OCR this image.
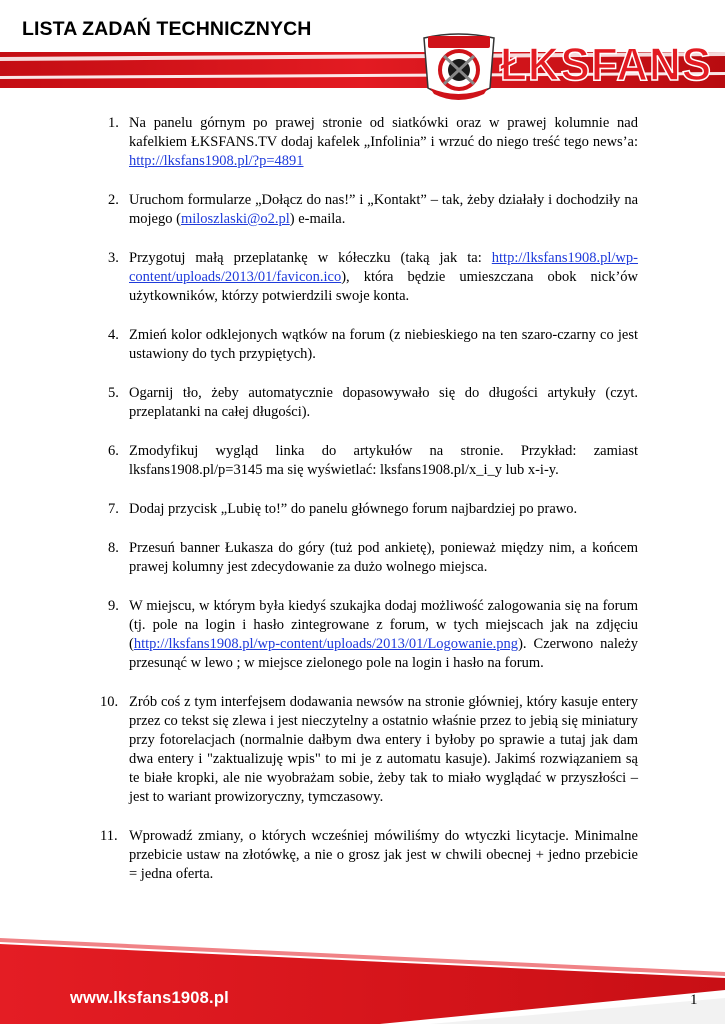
LISTA ZADAŃ TECHNICZNYCH
ŁKSFANS
1. Na panelu górnym po prawej stronie od siatkówki oraz w prawej kolumnie nad kafelkiem ŁKSFANS.TV dodaj kafelek „Infolinia” i wrzuć do niego treść tego news’a: http://lksfans1908.pl/?p=4891
2. Uruchom formularze „Dołącz do nas!” i „Kontakt” – tak, żeby działały i dochodziły na mojego (miloszlaski@o2.pl) e-maila.
3. Przygotuj małą przeplatankę w kółeczku (taką jak ta: http://lksfans1908.pl/wp-content/uploads/2013/01/favicon.ico), która będzie umieszczana obok nick’ów użytkowników, którzy potwierdzili swoje konta.
4. Zmień kolor odklejonych wątków na forum (z niebieskiego na ten szaro-czarny co jest ustawiony do tych przypiętych).
5. Ogarnij tło, żeby automatycznie dopasowywało się do długości artykuły (czyt. przeplatanki na całej długości).
6. Zmodyfikuj wygląd linka do artykułów na stronie. Przykład: zamiast lksfans1908.pl/p=3145 ma się wyświetlać: lksfans1908.pl/x_i_y lub x-i-y.
7. Dodaj przycisk „Lubię to!” do panelu głównego forum najbardziej po prawo.
8. Przesuń banner Łukasza do góry (tuż pod ankietę), ponieważ między nim, a końcem prawej kolumny jest zdecydowanie za dużo wolnego miejsca.
9. W miejscu, w którym była kiedyś szukajka dodaj możliwość zalogowania się na forum (tj. pole na login i hasło zintegrowane z forum, w tych miejscach jak na zdjęciu (http://lksfans1908.pl/wp-content/uploads/2013/01/Logowanie.png). Czerwono należy przesunąć w lewo ; w miejsce zielonego pole na login i hasło na forum.
10. Zrób coś z tym interfejsem dodawania newsów na stronie główniej, który kasuje entery przez co tekst się zlewa i jest nieczytelny a ostatnio właśnie przez to jebią się miniatury przy fotorelacjach (normalnie dałbym dwa entery i byłoby po sprawie a tutaj jak dam dwa entery i "zaktualizuję wpis" to mi je z automatu kasuje). Jakimś rozwiązaniem są te białe kropki, ale nie wyobrażam sobie, żeby tak to miało wyglądać w przyszłości – jest to wariant prowizoryczny, tymczasowy.
11. Wprowadź zmiany, o których wcześniej mówiliśmy do wtyczki licytacje. Minimalne przebicie ustaw na złotówkę, a nie o grosz jak jest w chwili obecnej + jedno przebicie = jedna oferta.
www.lksfans1908.pl	1
